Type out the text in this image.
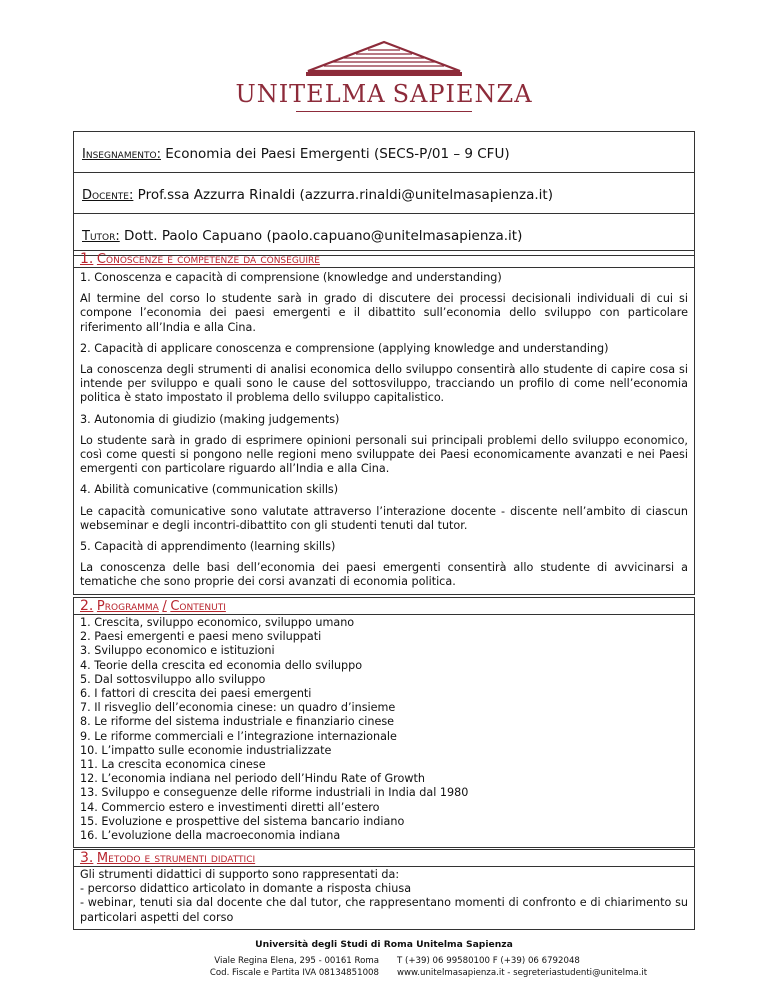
UNITELMA SAPIENZA
Insegnamento: Economia dei Paesi Emergenti (SECS-P/01 – 9 CFU)
Docente: Prof.ssa Azzurra Rinaldi (azzurra.rinaldi@unitelmasapienza.it)
Tutor: Dott. Paolo Capuano (paolo.capuano@unitelmasapienza.it)
1. Conoscenze e competenze da conseguire

1. Conoscenza e capacità di comprensione (knowledge and understanding)

Al termine del corso lo studente sarà in grado di discutere dei processi decisionali individuali di cui si compone l’economia dei paesi emergenti e il dibattito sull’economia dello sviluppo con particolare riferimento all’India e alla Cina.

2. Capacità di applicare conoscenza e comprensione (applying knowledge and understanding)

La conoscenza degli strumenti di analisi economica dello sviluppo consentirà allo studente di capire cosa si intende per sviluppo e quali sono le cause del sottosviluppo, tracciando un profilo di come nell’economia politica è stato impostato il problema dello sviluppo capitalistico.

3. Autonomia di giudizio (making judgements)

Lo studente sarà in grado di esprimere opinioni personali sui principali problemi dello sviluppo economico, così come questi si pongono nelle regioni meno sviluppate dei Paesi economicamente avanzati e nei Paesi emergenti con particolare riguardo all’India e alla Cina.

4. Abilità comunicative (communication skills)

Le capacità comunicative sono valutate attraverso l’interazione docente - discente nell’ambito di ciascun webseminar e degli incontri-dibattito con gli studenti tenuti dal tutor.

5. Capacità di apprendimento (learning skills)

La conoscenza delle basi dell’economia dei paesi emergenti consentirà allo studente di avvicinarsi a tematiche che sono proprie dei corsi avanzati di economia politica.

2. Programma / Contenuti

1. Crescita, sviluppo economico, sviluppo umano

2. Paesi emergenti e paesi meno sviluppati

3. Sviluppo economico e istituzioni

4. Teorie della crescita ed economia dello sviluppo

5. Dal sottosviluppo allo sviluppo

6. I fattori di crescita dei paesi emergenti

7. Il risveglio dell’economia cinese: un quadro d’insieme

8. Le riforme del sistema industriale e finanziario cinese

9. Le riforme commerciali e l’integrazione internazionale

10. L’impatto sulle economie industrializzate

11. La crescita economica cinese

12. L’economia indiana nel periodo dell’Hindu Rate of Growth

13. Sviluppo e conseguenze delle riforme industriali in India dal 1980

14. Commercio estero e investimenti diretti all’estero

15. Evoluzione e prospettive del sistema bancario indiano

16. L’evoluzione della macroeconomia indiana

3. Metodo e strumenti didattici

Gli strumenti didattici di supporto sono rappresentati da:

- percorso didattico articolato in domante a risposta chiusa

- webinar, tenuti sia dal docente che dal tutor, che rappresentano momenti di confronto e di chiarimento su particolari aspetti del corso

Università degli Studi di Roma Unitelma Sapienza
Viale Regina Elena, 295 - 00161 Roma
Cod. Fiscale e Partita IVA 08134851008
T (+39) 06 99580100 F (+39) 06 6792048
www.unitelmasapienza.it - segreteriastudenti@unitelma.it
